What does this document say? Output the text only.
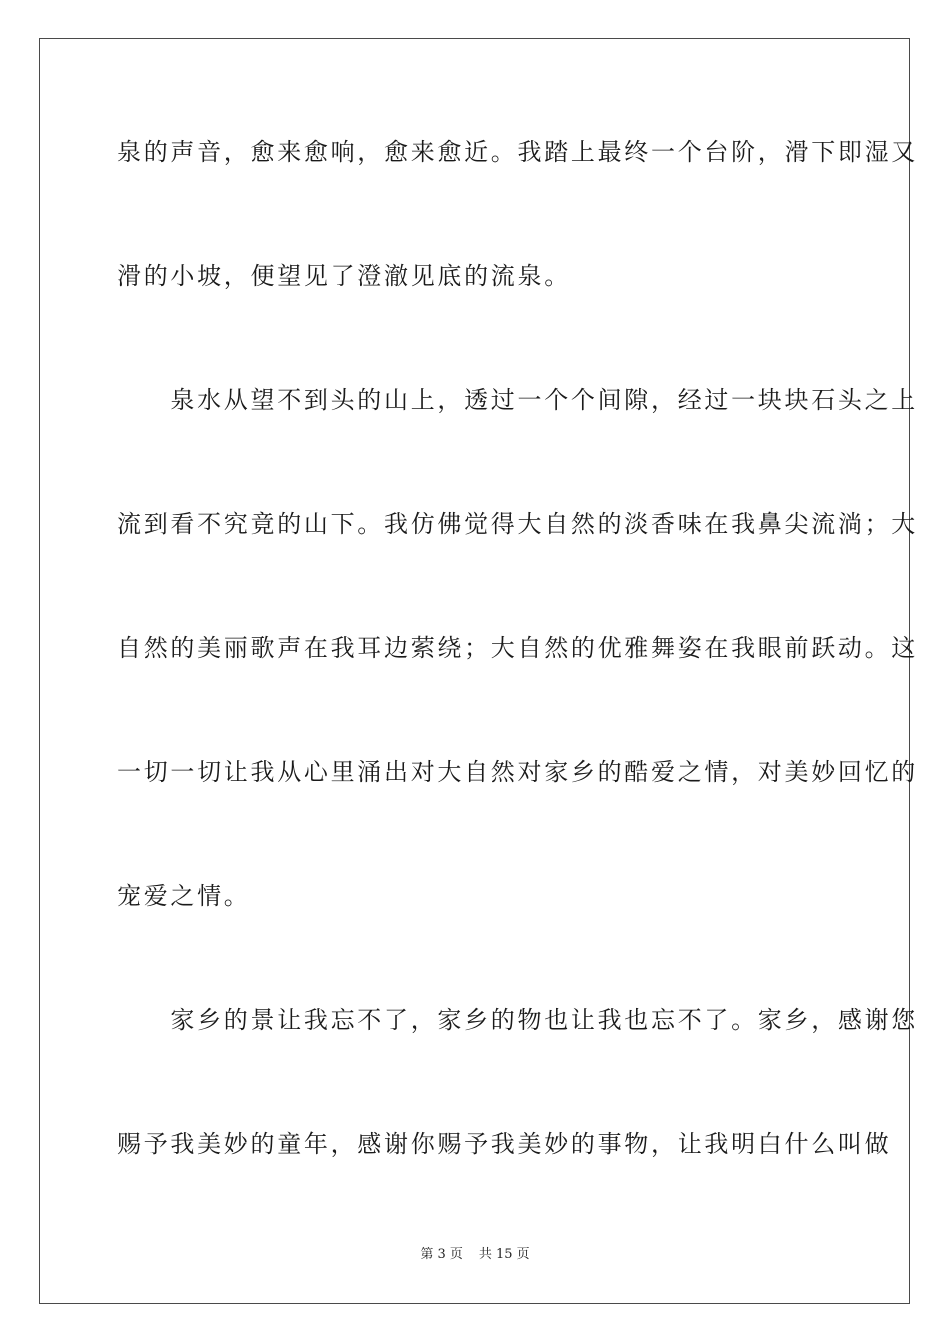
泉的声音，愈来愈响，愈来愈近。我踏上最终一个台阶，滑下即湿又
滑的小坡，便望见了澄澈见底的流泉。
　　泉水从望不到头的山上，透过一个个间隙，经过一块块石头之上
流到看不究竟的山下。我仿佛觉得大自然的淡香味在我鼻尖流淌；大
自然的美丽歌声在我耳边萦绕；大自然的优雅舞姿在我眼前跃动。这
一切一切让我从心里涌出对大自然对家乡的酷爱之情，对美妙回忆的
宠爱之情。
　　家乡的景让我忘不了，家乡的物也让我也忘不了。家乡，感谢您
赐予我美妙的童年，感谢你赐予我美妙的事物，让我明白什么叫做
第 3 页 共 15 页
